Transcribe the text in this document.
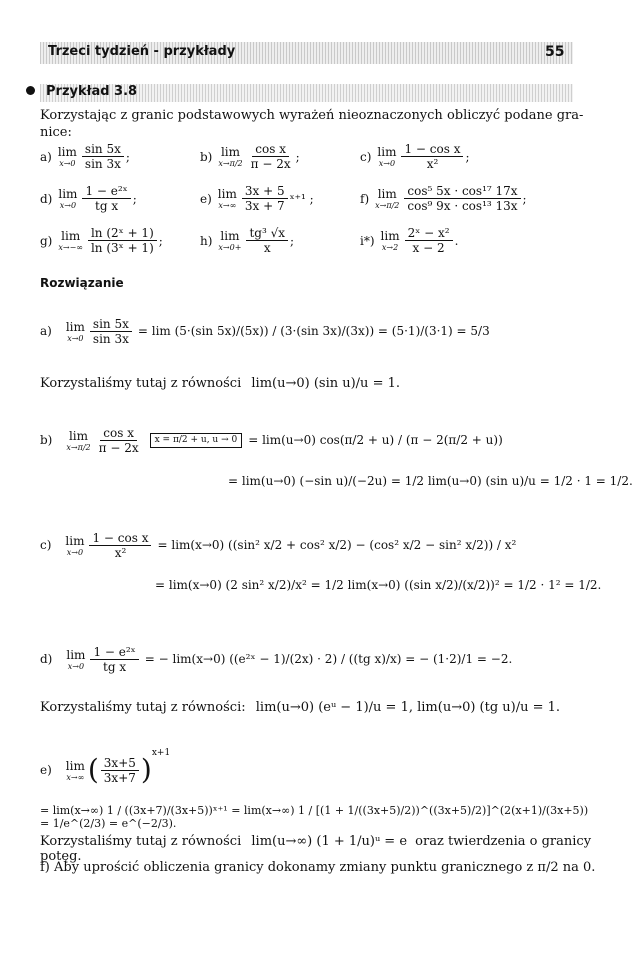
Trzeci tydzień - przykłady	55
Przykład 3.8
Korzystając z granic podstawowych wyrażeń nieoznaczonych obliczyć podane gra-
nice:
a) lim
$x\to 0 \frac{\sin 5x}{\sin 3x}$ ;	b) lim
$x\to\pi/2 \frac{\text{cos x}}{\pi - 2x}$ ;	c) lim
$x\to 0 \frac{\text{1 − cos x}}{\text{x²}}$ ;
d) lim
$x\to 0 \frac{\text{1 − e²ˣ}}{\text{tg x}}$ ;	e) lim
$x\to\infty \frac{3x + 5}{3x + 7}$ ˣ⁺¹ ;	f) lim
$x\to\pi/2 \frac{\text{cos⁵ 5x · cos¹⁷ 17x}}{\text{cos⁹ 9x · cos¹³ 13x}}$ ;
g) lim
$x\to-\infty \frac{\text{ln (2ˣ + 1)}}{\text{ln (3ˣ + 1)}}$ ;	h) lim
$x\to 0+ \frac{\text{tg³ √x}}{x}$ ;	i*) lim
$x\to 2 \frac{\text{2ˣ − x²}}{x - 2}$ .
Rozwiązanie
a) lim
$x\to 0 \frac{\sin 5x}{\sin 3x} = \lim (5\cdot(\sin$ 5x)/(5x)) / (3·(sin 3x)/(3x)) = (5·1)/(3·1) = 5/3
Korzystaliśmy tutaj z równości lim(u→0) (sin u)/u = 1.
b) lim
$x\to\pi/2 \frac{\text{cos x}}{\pi - 2x}$	x = π/2 + u, u → 0 = lim(u→0) cos(π/2 + u) / (π − 2(π/2 + u))
= lim(u→0) (−sin u)/(−2u) = 1/2 lim(u→0) (sin u)/u = 1/2 · 1 = 1/2.
c) lim
$x\to 0 \frac{\text{1 − cos x}}{\text{x²}} = \lim(x\to 0)$ ((sin² x/2 + cos² x/2) − (cos² x/2 − sin² x/2)) / x²
= lim(x→0) (2 sin² x/2)/x² = 1/2 lim(x→0) ((sin x/2)/(x/2))² = 1/2 · 1² = 1/2.
d) lim
$x\to 0 \frac{\text{1 − e²ˣ}}{\text{tg x}}$ = − lim(x→0) ((e²ˣ − 1)/(2x) · 2) / ((tg x)/x) = − (1·2)/1 = −2.
Korzystaliśmy tutaj z równości: lim(u→0) (eᵘ − 1)/u = 1, lim(u→0) (tg u)/u = 1.
e) lim
x→∞ ( $\frac{3x+5}{3x+7}$ ) x+1
= lim(x→∞) 1 / ((3x+7)/(3x+5))ˣ⁺¹ = lim(x→∞) 1 / [(1 + 1/((3x+5)/2))^((3x+5)/2)]^(2(x+1)/(3x+5)) = 1/e^(2/3) = e^(−2/3).
Korzystaliśmy tutaj z równości lim(u→∞) (1 + 1/u)ᵘ = e oraz twierdzenia o granicy potęg.
f) Aby uprościć obliczenia granicy dokonamy zmiany punktu granicznego z π/2 na 0.
